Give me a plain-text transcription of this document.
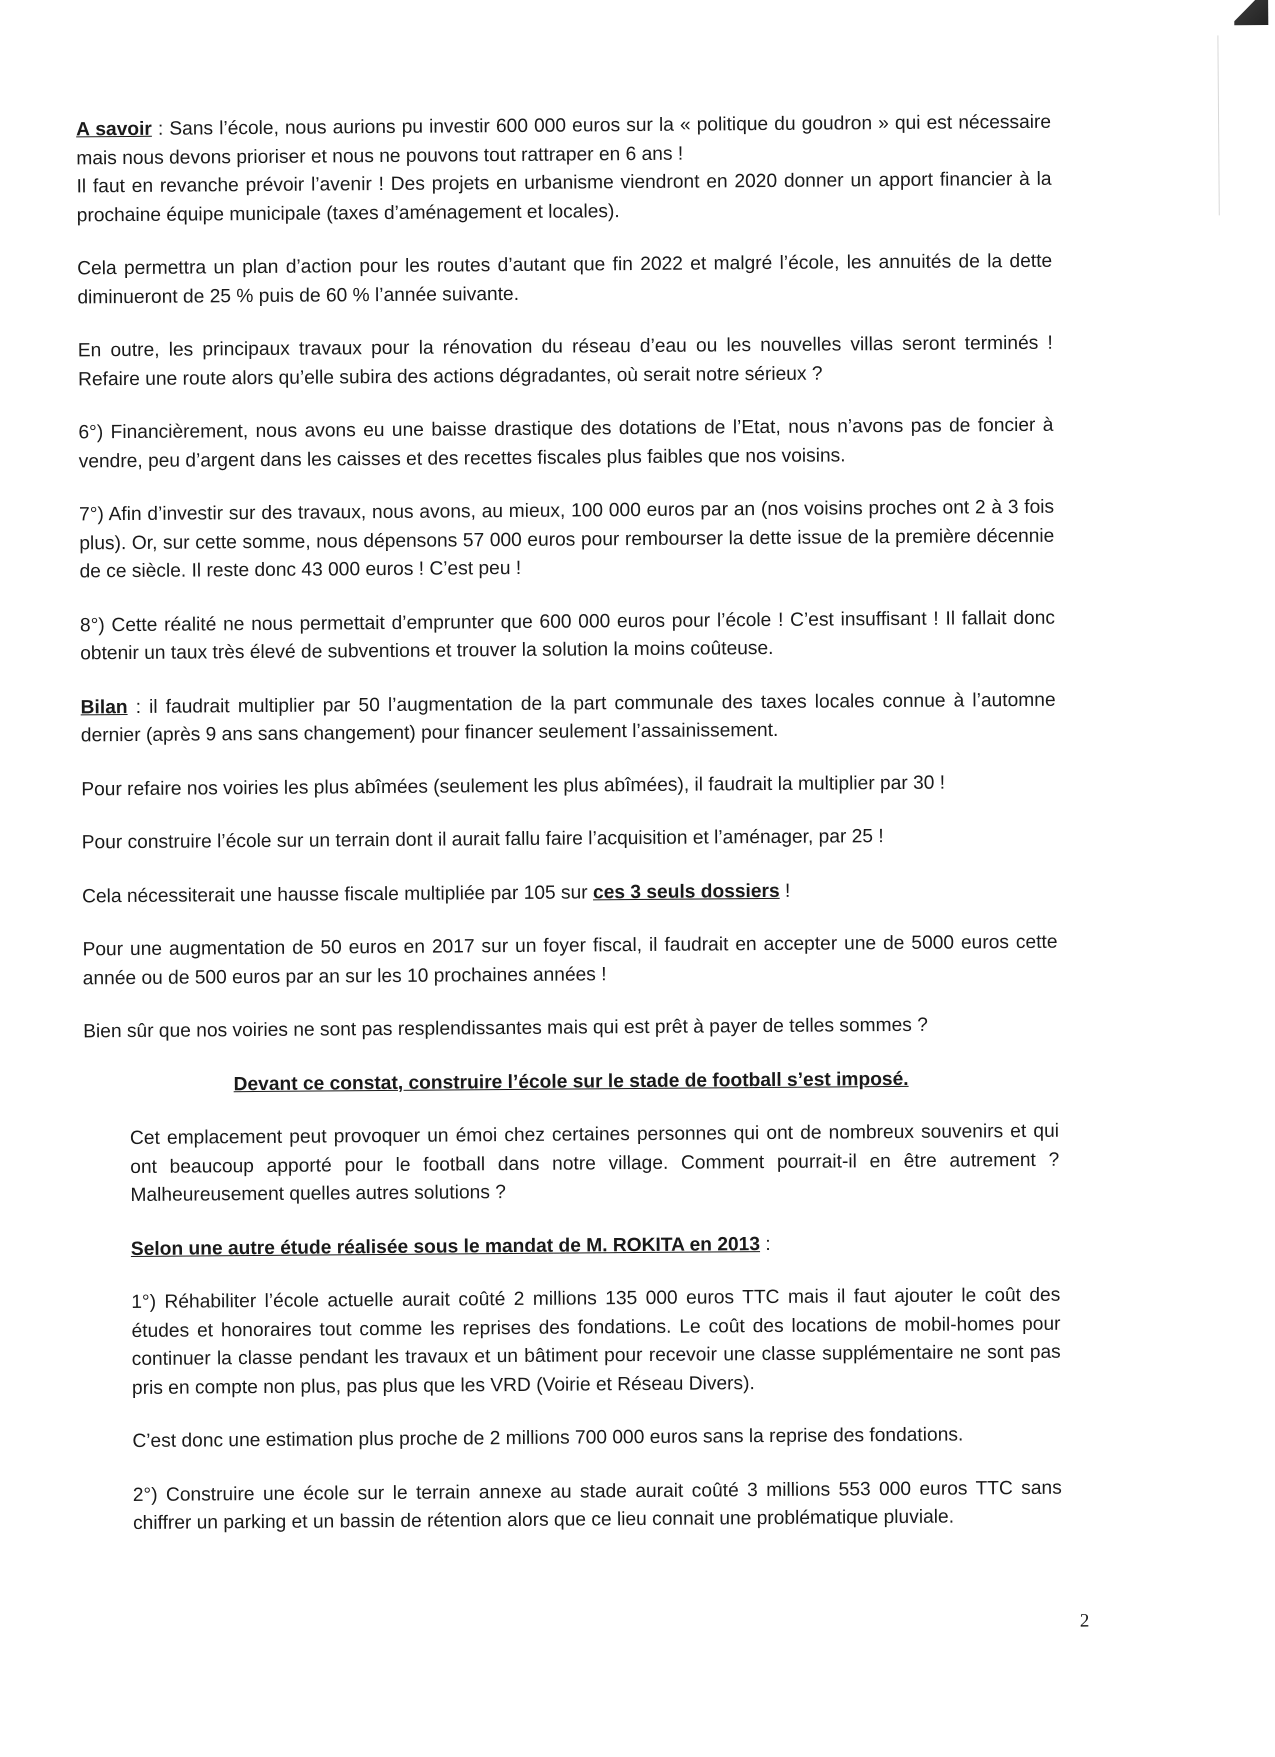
A savoir : Sans l’école, nous aurions pu investir 600 000 euros sur la « politique du goudron » qui est nécessaire mais nous devons prioriser et nous ne pouvons tout rattraper en 6 ans !

Il faut en revanche prévoir l’avenir ! Des projets en urbanisme viendront en 2020 donner un apport financier à la prochaine équipe municipale (taxes d’aménagement et locales).

Cela permettra un plan d’action pour les routes d’autant que fin 2022 et malgré l’école, les annuités de la dette diminueront de 25 % puis de 60 % l’année suivante.

En outre, les principaux travaux pour la rénovation du réseau d’eau ou les nouvelles villas seront terminés ! Refaire une route alors qu’elle subira des actions dégradantes, où serait notre sérieux ?

6°) Financièrement, nous avons eu une baisse drastique des dotations de l’Etat, nous n’avons pas de foncier à vendre, peu d’argent dans les caisses et des recettes fiscales plus faibles que nos voisins.

7°) Afin d’investir sur des travaux, nous avons, au mieux, 100 000 euros par an (nos voisins proches ont 2 à 3 fois plus). Or, sur cette somme, nous dépensons 57 000 euros pour rembourser la dette issue de la première décennie de ce siècle. Il reste donc 43 000 euros ! C’est peu !

8°) Cette réalité ne nous permettait d’emprunter que 600 000 euros pour l’école ! C’est insuffisant ! Il fallait donc obtenir un taux très élevé de subventions et trouver la solution la moins coûteuse.

Bilan : il faudrait multiplier par 50 l’augmentation de la part communale des taxes locales connue à l’automne dernier (après 9 ans sans changement) pour financer seulement l’assainissement.

Pour refaire nos voiries les plus abîmées (seulement les plus abîmées), il faudrait la multiplier par 30 !

Pour construire l’école sur un terrain dont il aurait fallu faire l’acquisition et l’aménager, par 25 !

Cela nécessiterait une hausse fiscale multipliée par 105 sur ces 3 seuls dossiers !

Pour une augmentation de 50 euros en 2017 sur un foyer fiscal, il faudrait en accepter une de 5000 euros cette année ou de 500 euros par an sur les 10 prochaines années !

Bien sûr que nos voiries ne sont pas resplendissantes mais qui est prêt à payer de telles sommes ?

Devant ce constat, construire l’école sur le stade de football s’est imposé.

Cet emplacement peut provoquer un émoi chez certaines personnes qui ont de nombreux souvenirs et qui ont beaucoup apporté pour le football dans notre village. Comment pourrait-il en être autrement ? Malheureusement quelles autres solutions ?

Selon une autre étude réalisée sous le mandat de M. ROKITA en 2013 :

1°) Réhabiliter l’école actuelle aurait coûté 2 millions 135 000 euros TTC mais il faut ajouter le coût des études et honoraires tout comme les reprises des fondations. Le coût des locations de mobil-homes pour continuer la classe pendant les travaux et un bâtiment pour recevoir une classe supplémentaire ne sont pas pris en compte non plus, pas plus que les VRD (Voirie et Réseau Divers).

C’est donc une estimation plus proche de 2 millions 700 000 euros sans la reprise des fondations.

2°) Construire une école sur le terrain annexe au stade aurait coûté 3 millions 553 000 euros TTC sans chiffrer un parking et un bassin de rétention alors que ce lieu connait une problématique pluviale.

2
